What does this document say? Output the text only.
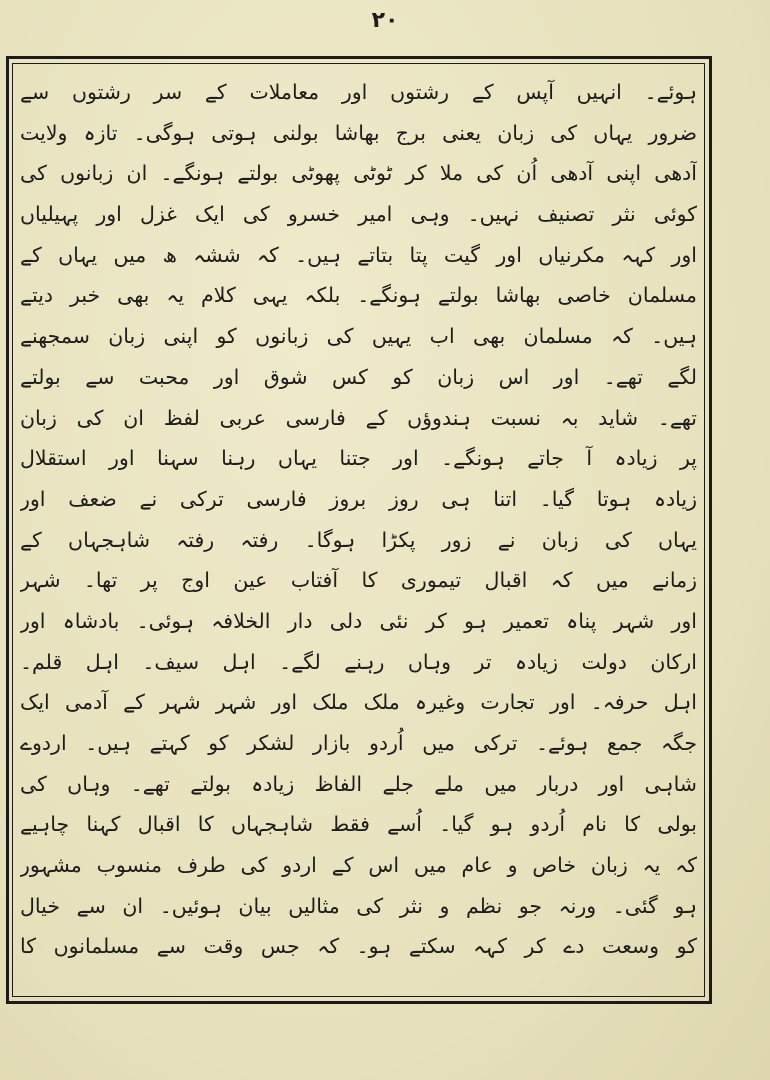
۲۰
ہوئے۔ انہیں آپس کے رشتوں اور معاملات کے سر رشتوں سے
ضرور یہاں کی زبان یعنی برج بھاشا بولنی ہوتی ہوگی۔ تازہ ولایت
آدھی اپنی آدھی اُن کی ملا کر ٹوٹی پھوٹی بولتے ہونگے۔ ان زبانوں کی
کوئی نثر تصنیف نہیں۔ وہی امیر خسرو کی ایک غزل اور پہیلیاں
اور کہہ مکرنیاں اور گیت پتا بتاتے ہیں۔ کہ ششہ ھ میں یہاں کے
مسلمان خاصی بھاشا بولتے ہونگے۔ بلکہ یہی کلام یہ بھی خبر دیتے
ہیں۔ کہ مسلمان بھی اب یہیں کی زبانوں کو اپنی زبان سمجھنے
لگے تھے۔ اور اس زبان کو کس شوق اور محبت سے بولتے
تھے۔ شاید بہ نسبت ہندوؤں کے فارسی عربی لفظ ان کی زبان
پر زیادہ آ جاتے ہونگے۔ اور جتنا یہاں رہنا سہنا اور استقلال
زیادہ ہوتا گیا۔ اتنا ہی روز بروز فارسی ترکی نے ضعف اور
یہاں کی زبان نے زور پکڑا ہوگا۔ رفتہ رفتہ شاہجہاں کے
زمانے میں کہ اقبال تیموری کا آفتاب عین اوج پر تھا۔ شہر
اور شہر پناہ تعمیر ہو کر نئی دلی دار الخلافہ ہوئی۔ بادشاہ اور
ارکان دولت زیادہ تر وہاں رہنے لگے۔ اہل سیف۔ اہل قلم۔
اہل حرفہ۔ اور تجارت وغیرہ ملک ملک اور شہر شہر کے آدمی ایک
جگہ جمع ہوئے۔ ترکی میں اُردو بازار لشکر کو کہتے ہیں۔ اردوے
شاہی اور دربار میں ملے جلے الفاظ زیادہ بولتے تھے۔ وہاں کی
بولی کا نام اُردو ہو گیا۔ اُسے فقط شاہجہاں کا اقبال کہنا چاہیے
کہ یہ زبان خاص و عام میں اس کے اردو کی طرف منسوب مشہور
ہو گئی۔ ورنہ جو نظم و نثر کی مثالیں بیان ہوئیں۔ ان سے خیال
کو وسعت دے کر کہہ سکتے ہو۔ کہ جس وقت سے مسلمانوں کا
